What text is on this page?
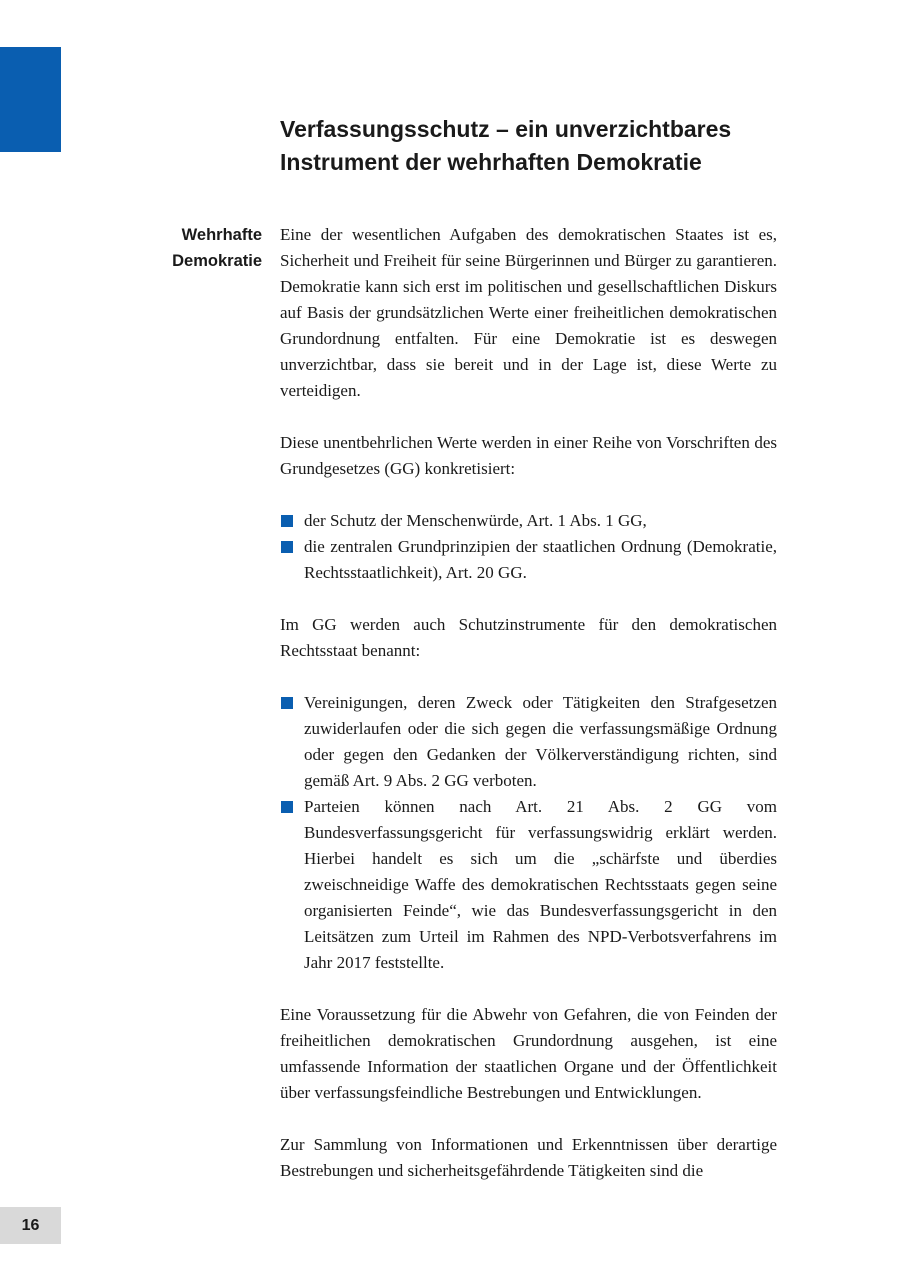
Verfassungsschutz – ein unverzichtbares
Instrument der wehrhaften Demokratie
Wehrhafte
Demokratie

Eine der wesentlichen Aufgaben des demokratischen Staates ist es, Sicherheit und Freiheit für seine Bürgerinnen und Bürger zu garantieren. Demokratie kann sich erst im politischen und gesellschaftlichen Diskurs auf Basis der grundsätzlichen Werte einer freiheitlichen demokratischen Grundordnung entfalten. Für eine Demokratie ist es deswegen unverzichtbar, dass sie bereit und in der Lage ist, diese Werte zu verteidigen.

Diese unentbehrlichen Werte werden in einer Reihe von Vorschriften des Grundgesetzes (GG) konkretisiert:

der Schutz der Menschenwürde, Art. 1 Abs. 1 GG,
die zentralen Grundprinzipien der staatlichen Ordnung (Demokratie, Rechtsstaatlichkeit), Art. 20 GG.

Im GG werden auch Schutzinstrumente für den demokratischen Rechtsstaat benannt:

Vereinigungen, deren Zweck oder Tätigkeiten den Strafgesetzen zuwiderlaufen oder die sich gegen die verfassungsmäßige Ordnung oder gegen den Gedanken der Völkerverständigung richten, sind gemäß Art. 9 Abs. 2 GG verboten.
Parteien können nach Art. 21 Abs. 2 GG vom Bundesverfassungsgericht für verfassungswidrig erklärt werden. Hierbei handelt es sich um die „schärfste und überdies zweischneidige Waffe des demokratischen Rechtsstaats gegen seine organisierten Feinde“, wie das Bundesverfassungsgericht in den Leitsätzen zum Urteil im Rahmen des NPD-Verbotsverfahrens im Jahr 2017 feststellte.

Eine Voraussetzung für die Abwehr von Gefahren, die von Feinden der freiheitlichen demokratischen Grundordnung ausgehen, ist eine umfassende Information der staatlichen Organe und der Öffentlichkeit über verfassungsfeindliche Bestrebungen und Entwicklungen.

Zur Sammlung von Informationen und Erkenntnissen über derartige Bestrebungen und sicherheitsgefährdende Tätigkeiten sind die

16
